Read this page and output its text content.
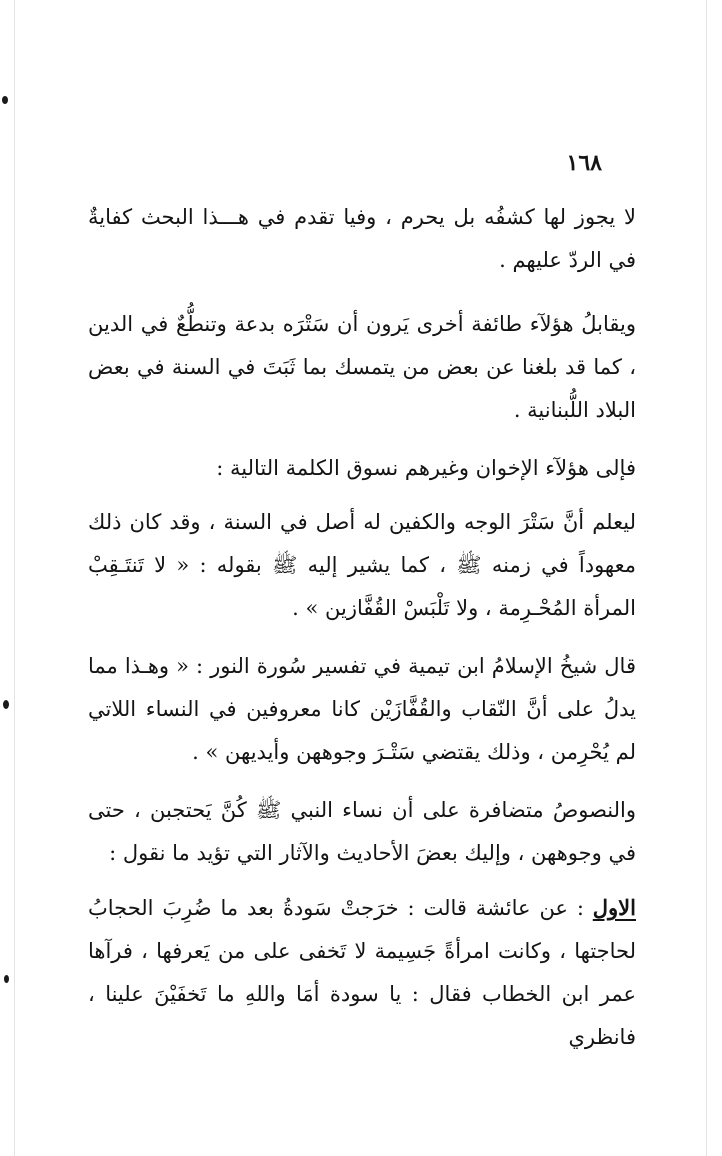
١٦٨

لا يجوز لها كشفُه بل يحرم ، وفيا تقدم في هـــذا البحث كفايةٌ في الردّ عليهم .

ويقابلُ هؤلآء طائفة أخرى يَرون أن سَتْرَه بدعة وتنطُّعٌ في الدين ، كما قد بلغنا عن بعض من يتمسك بما ثَبَتَ في السنة في بعض البلاد اللُّبنانية .

فإلى هؤلآء الإخوان وغيرهم نسوق الكلمة التالية :

ليعلم أنَّ سَتْرَ الوجه والكفين له أصل في السنة ، وقد كان ذلك معهوداً في زمنه ﷺ ، كما يشير إليه ﷺ بقوله : « لا تَنتَـقِبْ المرأة المُحْـرِمة ، ولا تَلْبَسْ القُفَّازين » .

قال شيخُ الإسلامُ ابن تيمية في تفسير سُورة النور : « وهـذا مما يدلُ على أنَّ النّقاب والقُفَّازَيْن كانا معروفين في النساء اللاتي لم يُحْرِمن ، وذلك يقتضي سَتْـرَ وجوههن وأيديهن » .

والنصوصُ متضافرة على أن نساء النبي ﷺ كُنَّ يَحتجبن ، حتى في وجوههن ، وإليك بعضَ الأحاديث والآثار التي تؤيد ما نقول :

الاول : عن عائشة قالت : خرَجتْ سَودةُ بعد ما ضُرِبَ الحجابُ لحاجتها ، وكانت امرأةً جَسِيمة لا تَخفى على من يَعرفها ، فرآها عمر ابن الخطاب فقال : يا سودة أمَا واللهِ ما تَخفَيْنَ علينا ، فانظري
